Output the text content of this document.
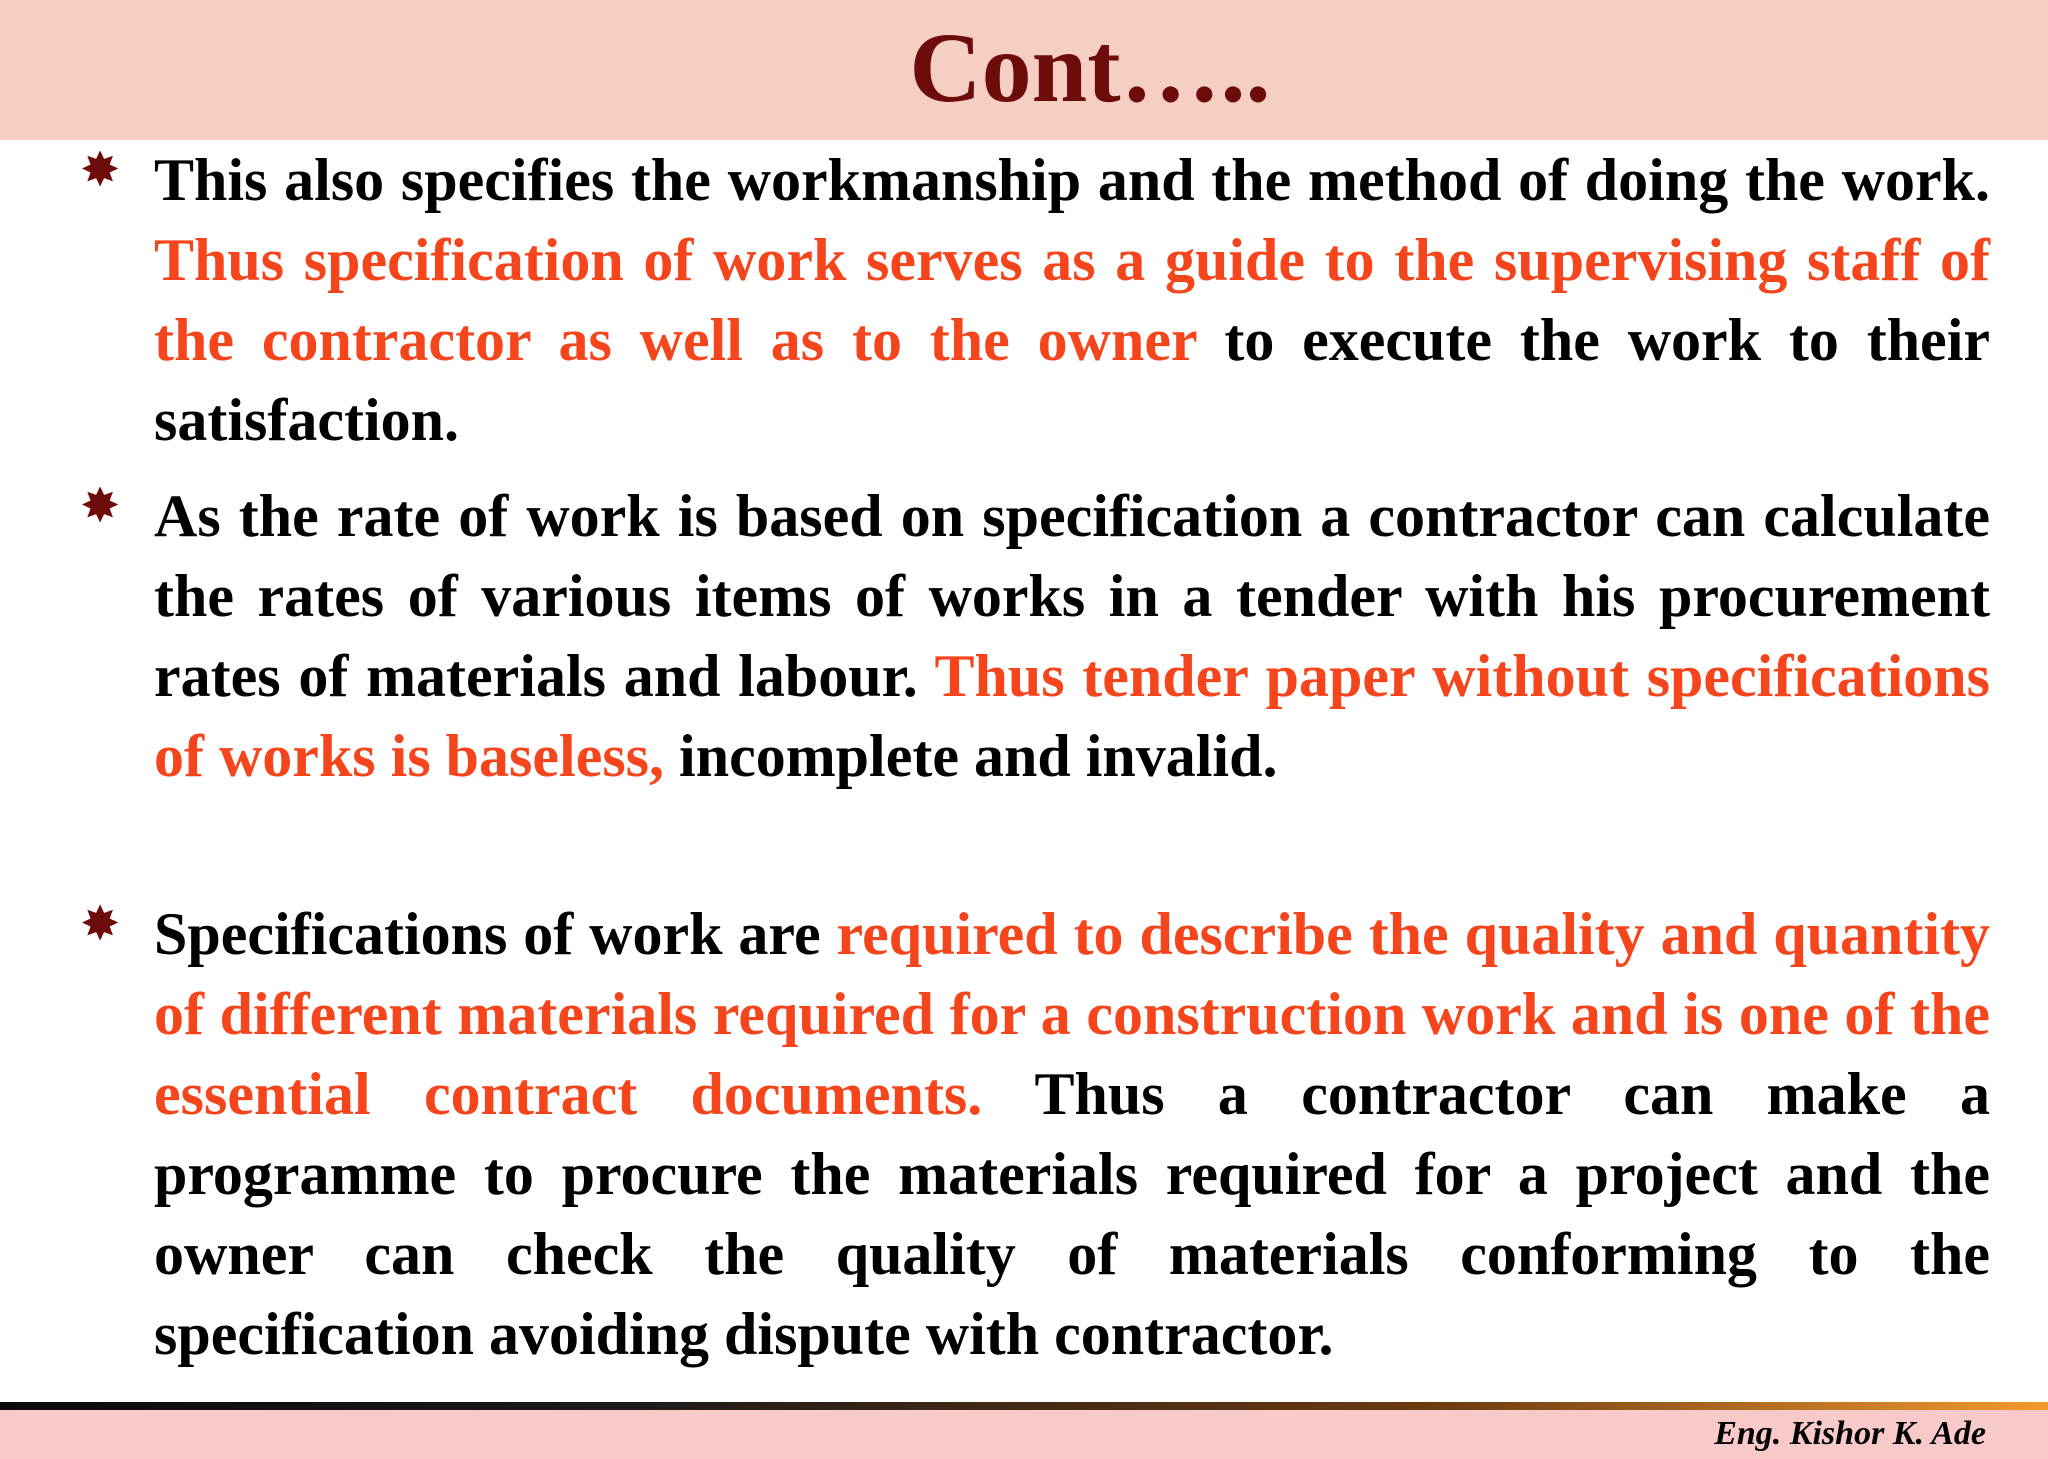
Cont…..
✸ This also specifies the workmanship and the method of doing the work. Thus specification of work serves as a guide to the supervising staff of the contractor as well as to the owner to execute the work to their satisfaction.

✸ As the rate of work is based on specification a contractor can calculate the rates of various items of works in a tender with his procurement rates of materials and labour. Thus tender paper without specifications of works is baseless, incomplete and invalid.

✸ Specifications of work are required to describe the quality and quantity of different materials required for a construction work and is one of the essential contract documents. Thus a contractor can make a programme to procure the materials required for a project and the owner can check the quality of materials conforming to the specification avoiding dispute with contractor.

Eng. Kishor K. Ade
